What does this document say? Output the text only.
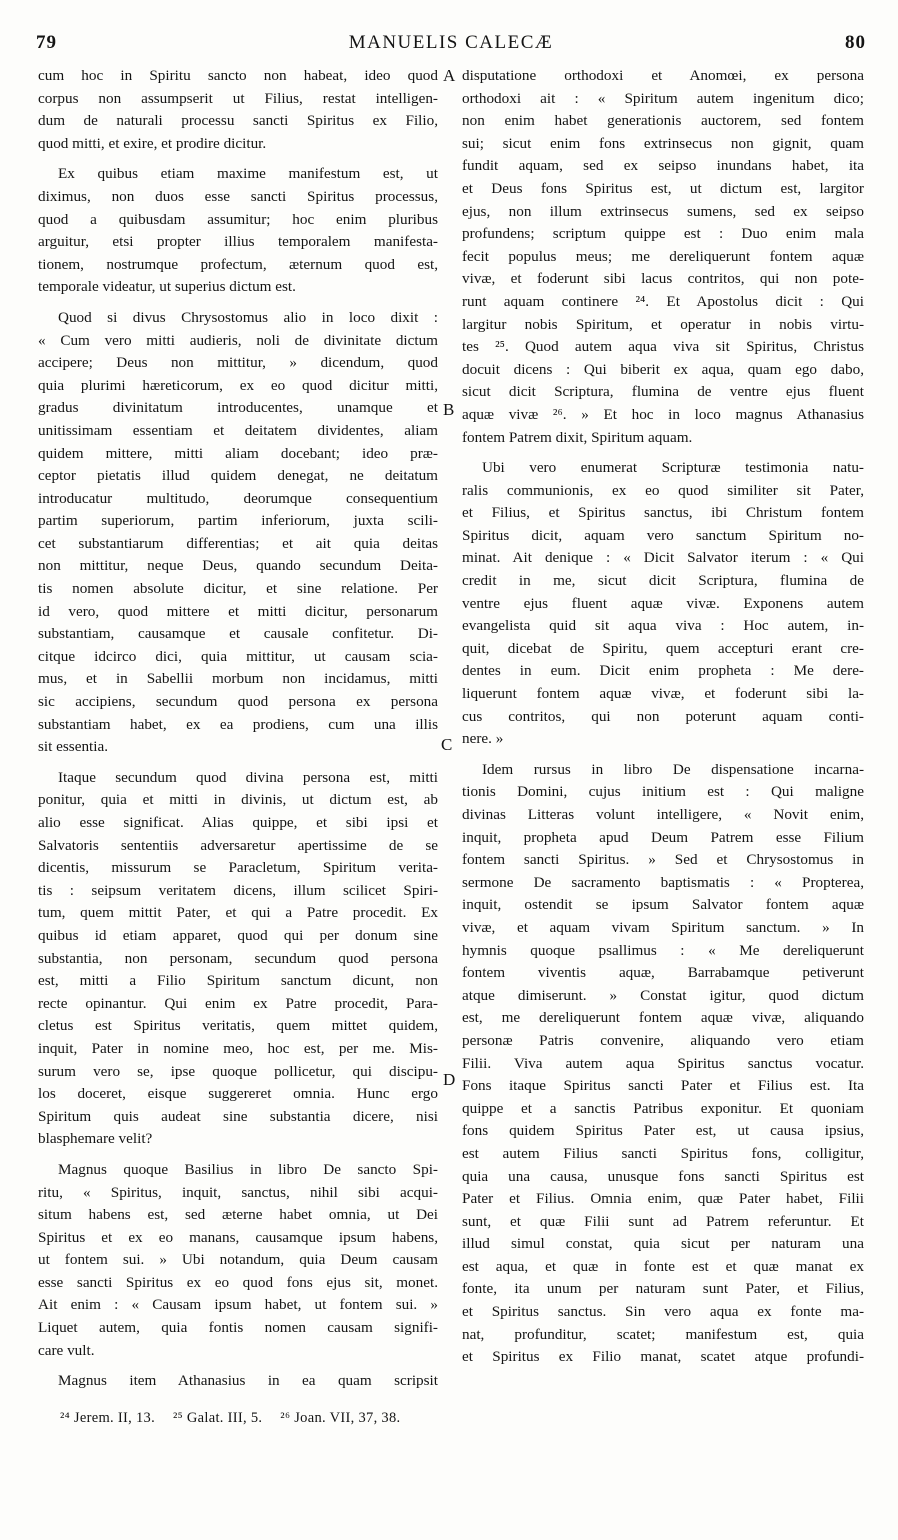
79	MANUELIS CALECÆ	80
cum hoc in Spiritu sancto non habeat, ideo quod
corpus non assumpserit ut Filius, restat intelligen-
dum de naturali processu sancti Spiritus ex Filio,
quod mitti, et exire, et prodire dicitur.
Ex quibus etiam maxime manifestum est, ut
diximus, non duos esse sancti Spiritus processus,
quod a quibusdam assumitur; hoc enim pluribus
arguitur, etsi propter illius temporalem manifesta-
tionem, nostrumque profectum, æternum quod est,
temporale videatur, ut superius dictum est.
Quod si divus Chrysostomus alio in loco dixit :
« Cum vero mitti audieris, noli de divinitate dictum
accipere; Deus non mittitur, » dicendum, quod
quia plurimi hæreticorum, ex eo quod dicitur mitti,
gradus divinitatum introducentes, unamque et
unitissimam essentiam et deitatem dividentes, aliam
quidem mittere, mitti aliam docebant; ideo præ-
ceptor pietatis illud quidem denegat, ne deitatum
introducatur multitudo, deorumque consequentium
partim superiorum, partim inferiorum, juxta scili-
cet substantiarum differentias; et ait quia deitas
non mittitur, neque Deus, quando secundum Deita-
tis nomen absolute dicitur, et sine relatione. Per
id vero, quod mittere et mitti dicitur, personarum
substantiam, causamque et causale confitetur. Di-
citque idcirco dici, quia mittitur, ut causam scia-
mus, et in Sabellii morbum non incidamus, mitti
sic accipiens, secundum quod persona ex persona
substantiam habet, ex ea prodiens, cum una illis
sit essentia.
Itaque secundum quod divina persona est, mitti
ponitur, quia et mitti in divinis, ut dictum est, ab
alio esse significat. Alias quippe, et sibi ipsi et
Salvatoris sententiis adversaretur apertissime de se
dicentis, missurum se Paracletum, Spiritum verita-
tis : seipsum veritatem dicens, illum scilicet Spiri-
tum, quem mittit Pater, et qui a Patre procedit. Ex
quibus id etiam apparet, quod qui per donum sine
substantia, non personam, secundum quod persona
est, mitti a Filio Spiritum sanctum dicunt, non
recte opinantur. Qui enim ex Patre procedit, Para-
cletus est Spiritus veritatis, quem mittet quidem,
inquit, Pater in nomine meo, hoc est, per me. Mis-
surum vero se, ipse quoque pollicetur, qui discipu-
los doceret, eisque suggereret omnia. Hunc ergo
Spiritum quis audeat sine substantia dicere, nisi
blasphemare velit?
Magnus quoque Basilius in libro De sancto Spi-
ritu, « Spiritus, inquit, sanctus, nihil sibi acqui-
situm habens est, sed æterne habet omnia, ut Dei
Spiritus et ex eo manans, causamque ipsum habens,
ut fontem sui. » Ubi notandum, quia Deum causam
esse sancti Spiritus ex eo quod fons ejus sit, monet.
Ait enim : « Causam ipsum habet, ut fontem sui. »
Liquet autem, quia fontis nomen causam signifi-
care vult.
Magnus item Athanasius in ea quam scripsit
disputatione orthodoxi et Anomœi, ex persona
orthodoxi ait : « Spiritum autem ingenitum dico;
non enim habet generationis auctorem, sed fontem
sui; sicut enim fons extrinsecus non gignit, quam
fundit aquam, sed ex seipso inundans habet, ita
et Deus fons Spiritus est, ut dictum est, largitor
ejus, non illum extrinsecus sumens, sed ex seipso
profundens; scriptum quippe est : Duo enim mala
fecit populus meus; me dereliquerunt fontem aquæ
vivæ, et foderunt sibi lacus contritos, qui non pote-
runt aquam continere ²⁴. Et Apostolus dicit : Qui
largitur nobis Spiritum, et operatur in nobis virtu-
tes ²⁵. Quod autem aqua viva sit Spiritus, Christus
docuit dicens : Qui biberit ex aqua, quam ego dabo,
sicut dicit Scriptura, flumina de ventre ejus fluent
aquæ vivæ ²⁶. » Et hoc in loco magnus Athanasius
fontem Patrem dixit, Spiritum aquam.
Ubi vero enumerat Scripturæ testimonia natu-
ralis communionis, ex eo quod similiter sit Pater,
et Filius, et Spiritus sanctus, ibi Christum fontem
Spiritus dicit, aquam vero sanctum Spiritum no-
minat. Ait denique : « Dicit Salvator iterum : « Qui
credit in me, sicut dicit Scriptura, flumina de
ventre ejus fluent aquæ vivæ. Exponens autem
evangelista quid sit aqua viva : Hoc autem, in-
quit, dicebat de Spiritu, quem accepturi erant cre-
dentes in eum. Dicit enim propheta : Me dere-
liquerunt fontem aquæ vivæ, et foderunt sibi la-
cus contritos, qui non poterunt aquam conti-
nere. »
Idem rursus in libro De dispensatione incarna-
tionis Domini, cujus initium est : Qui maligne
divinas Litteras volunt intelligere, « Novit enim,
inquit, propheta apud Deum Patrem esse Filium
fontem sancti Spiritus. » Sed et Chrysostomus in
sermone De sacramento baptismatis : « Propterea,
inquit, ostendit se ipsum Salvator fontem aquæ
vivæ, et aquam vivam Spiritum sanctum. » In
hymnis quoque psallimus : « Me dereliquerunt
fontem viventis aquæ, Barrabamque petiverunt
atque dimiserunt. » Constat igitur, quod dictum
est, me dereliquerunt fontem aquæ vivæ, aliquando
personæ Patris convenire, aliquando vero etiam
Filii. Viva autem aqua Spiritus sanctus vocatur.
Fons itaque Spiritus sancti Pater et Filius est. Ita
quippe et a sanctis Patribus exponitur. Et quoniam
fons quidem Spiritus Pater est, ut causa ipsius,
est autem Filius sancti Spiritus fons, colligitur,
quia una causa, unusque fons sancti Spiritus est
Pater et Filius. Omnia enim, quæ Pater habet, Filii
sunt, et quæ Filii sunt ad Patrem referuntur. Et
illud simul constat, quia sicut per naturam una
est aqua, et quæ in fonte est et quæ manat ex
fonte, ita unum per naturam sunt Pater, et Filius,
et Spiritus sanctus. Sin vero aqua ex fonte ma-
nat, profunditur, scatet; manifestum est, quia
et Spiritus ex Filio manat, scatet atque profundi-
A
B
C
D
²⁴ Jerem. II, 13. ²⁵ Galat. III, 5. ²⁶ Joan. VII, 37, 38.
